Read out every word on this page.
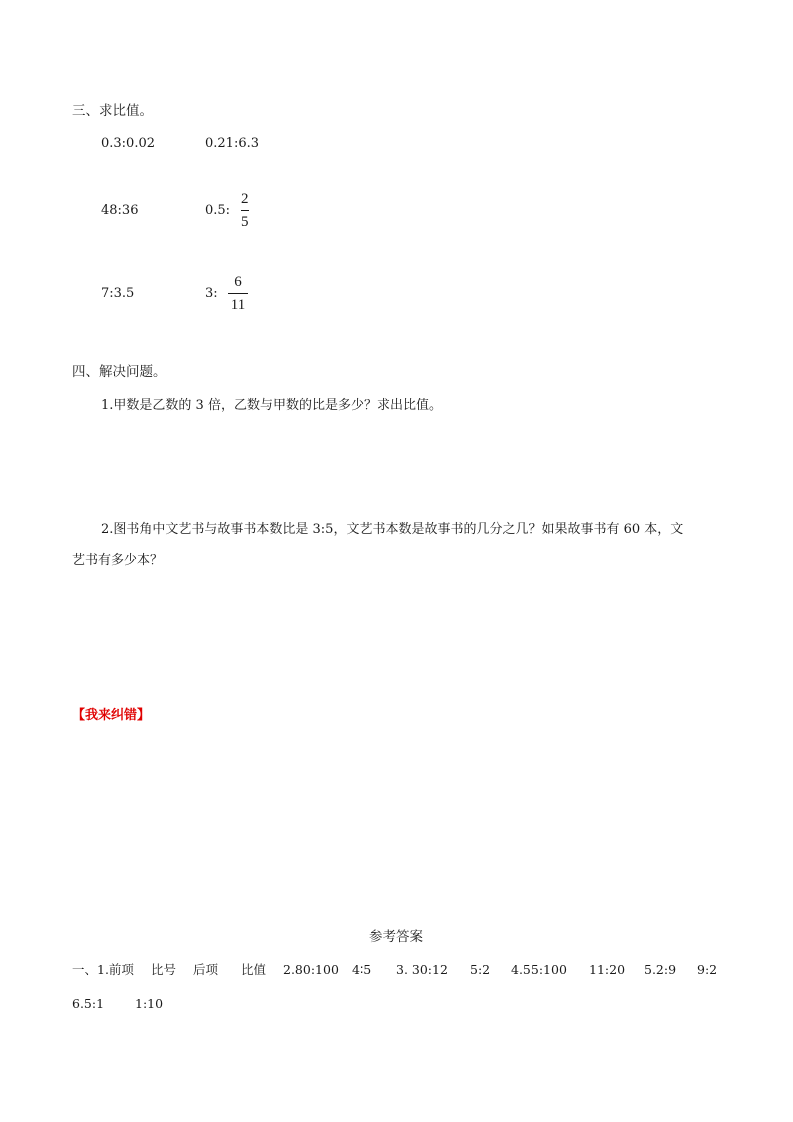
三、求比值。
0.3:0.02	0.21:6.3
48:36	0.5:
2
5
7:3.5	3:
6
11
四、解决问题。
1.甲数是乙数的 3 倍，乙数与甲数的比是多少？求出比值。
2.图书角中文艺书与故事书本数比是 3:5，文艺书本数是故事书的几分之几？如果故事书有 60 本，文
艺书有多少本？
【我来纠错】
参考答案
一、1.前项 比号 后项 比值 2.80:100 4∶5 3. 30:12 5:2 4.55:100 11:20 5.2:9 9:2
6.5:1 1:10
